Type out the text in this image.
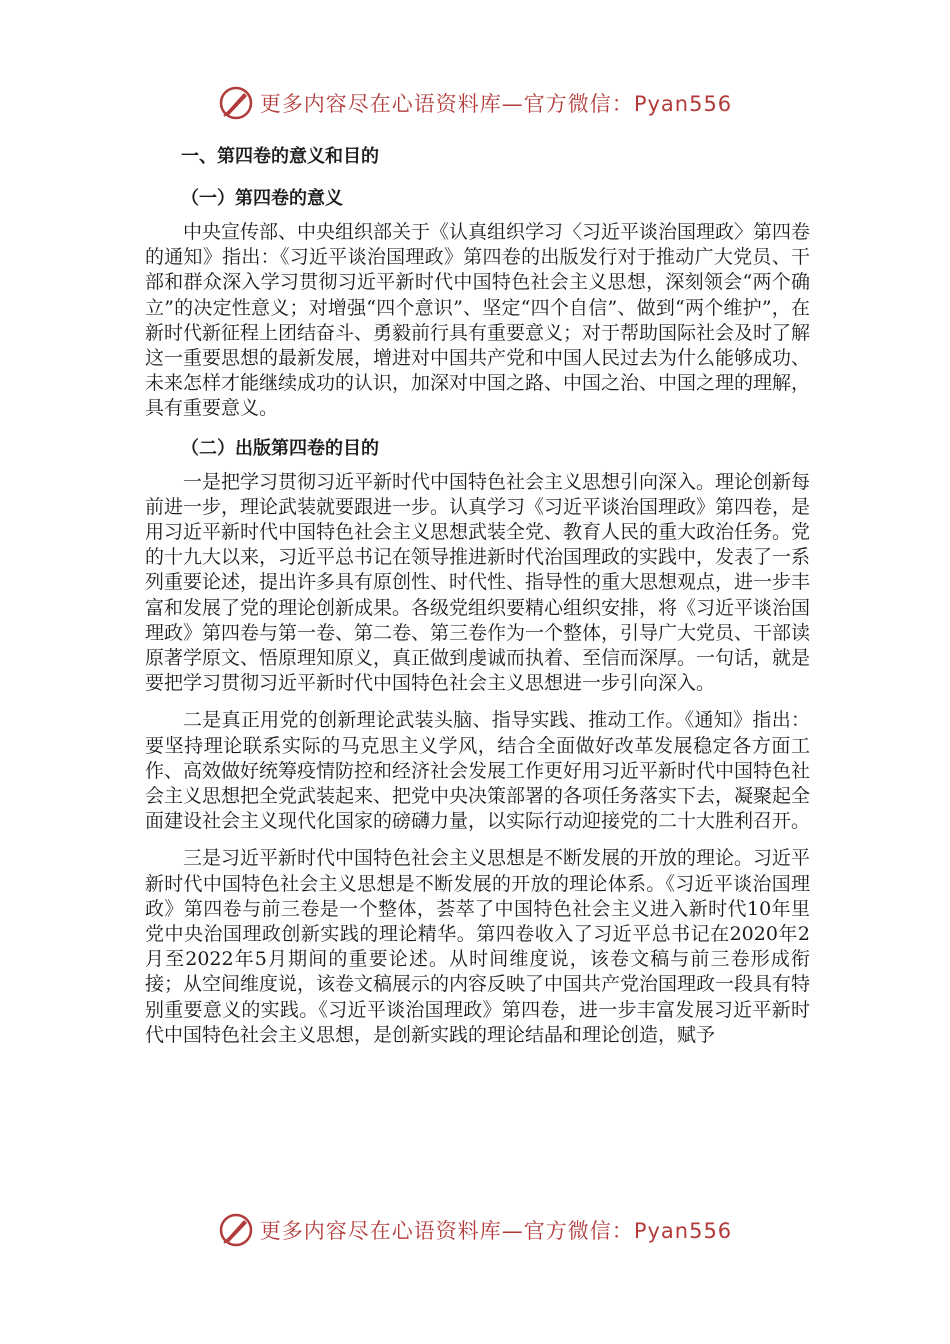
更多内容尽在心语资料库—官方微信：Pyan556
一、第四卷的意义和目的
（一）第四卷的意义

中央宣传部、中央组织部关于《认真组织学习〈习近平谈治国理政〉第四卷的通知》指出：《习近平谈治国理政》第四卷的出版发行对于推动广大党员、干部和群众深入学习贯彻习近平新时代中国特色社会主义思想，深刻领会“两个确立”的决定性意义；对增强“四个意识”、坚定“四个自信”、做到“两个维护”，在新时代新征程上团结奋斗、勇毅前行具有重要意义；对于帮助国际社会及时了解这一重要思想的最新发展，增进对中国共产党和中国人民过去为什么能够成功、未来怎样才能继续成功的认识，加深对中国之路、中国之治、中国之理的理解，具有重要意义。

（二）出版第四卷的目的

一是把学习贯彻习近平新时代中国特色社会主义思想引向深入。理论创新每前进一步，理论武装就要跟进一步。认真学习《习近平谈治国理政》第四卷，是用习近平新时代中国特色社会主义思想武装全党、教育人民的重大政治任务。党的十九大以来，习近平总书记在领导推进新时代治国理政的实践中，发表了一系列重要论述，提出许多具有原创性、时代性、指导性的重大思想观点，进一步丰富和发展了党的理论创新成果。各级党组织要精心组织安排，将《习近平谈治国理政》第四卷与第一卷、第二卷、第三卷作为一个整体，引导广大党员、干部读原著学原文、悟原理知原义，真正做到虔诚而执着、至信而深厚。一句话，就是要把学习贯彻习近平新时代中国特色社会主义思想进一步引向深入。

二是真正用党的创新理论武装头脑、指导实践、推动工作。《通知》指出：要坚持理论联系实际的马克思主义学风，结合全面做好改革发展稳定各方面工作、高效做好统筹疫情防控和经济社会发展工作更好用习近平新时代中国特色社会主义思想把全党武装起来、把党中央决策部署的各项任务落实下去，凝聚起全面建设社会主义现代化国家的磅礴力量，以实际行动迎接党的二十大胜利召开。

三是习近平新时代中国特色社会主义思想是不断发展的开放的理论。习近平新时代中国特色社会主义思想是不断发展的开放的理论体系。《习近平谈治国理政》第四卷与前三卷是一个整体，荟萃了中国特色社会主义进入新时代10年里党中央治国理政创新实践的理论精华。第四卷收入了习近平总书记在2020年2月至2022年5月期间的重要论述。从时间维度说，该卷文稿与前三卷形成衔接；从空间维度说，该卷文稿展示的内容反映了中国共产党治国理政一段具有特别重要意义的实践。《习近平谈治国理政》第四卷，进一步丰富发展习近平新时代中国特色社会主义思想，是创新实践的理论结晶和理论创造，赋予

更多内容尽在心语资料库—官方微信：Pyan556
